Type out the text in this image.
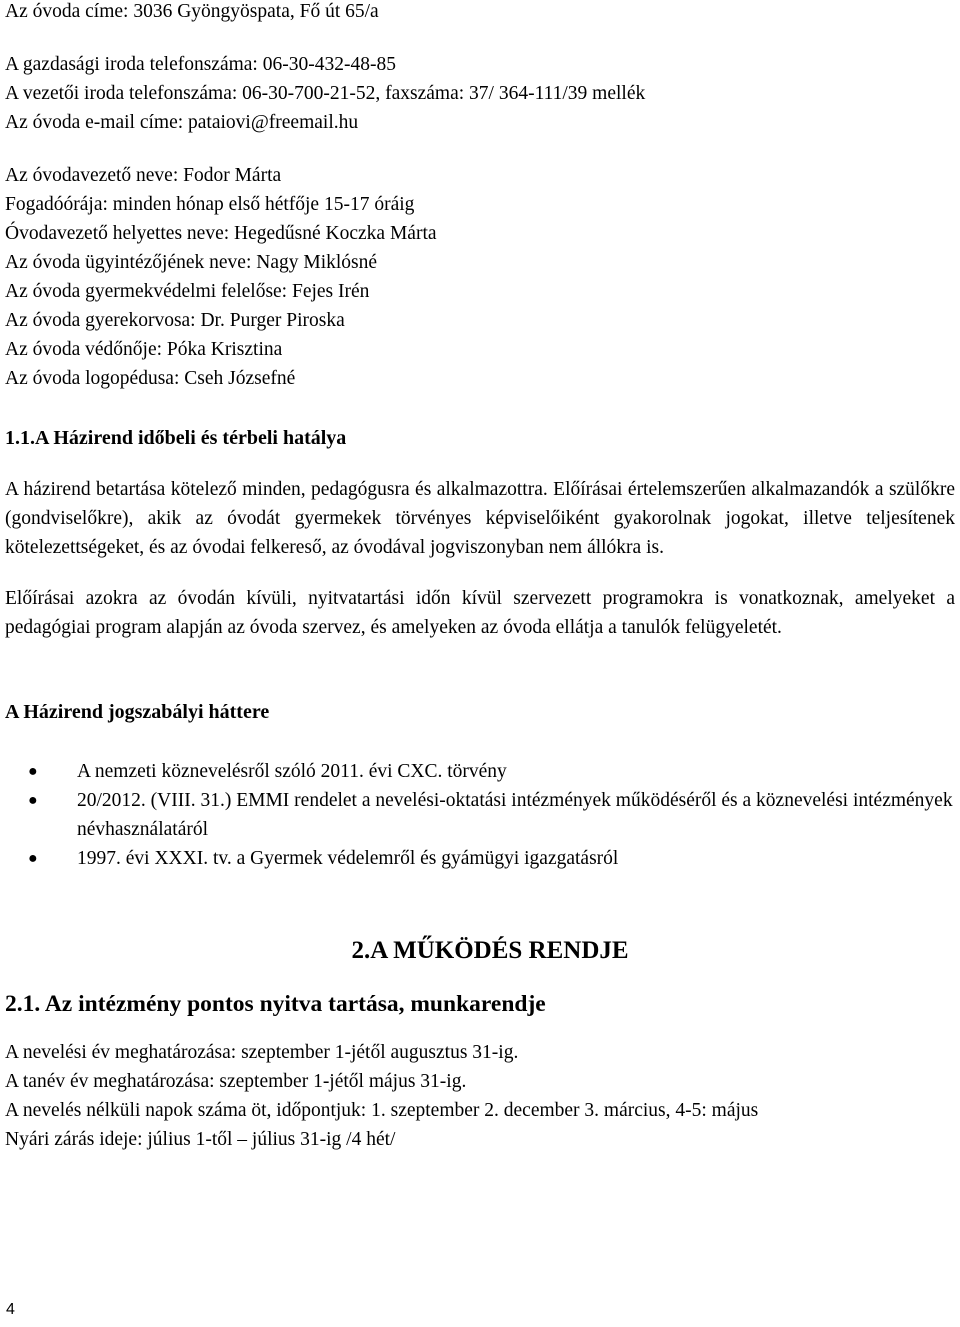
Az óvoda címe: 3036 Gyöngyöspata, Fő út 65/a

A gazdasági iroda telefonszáma: 06-30-432-48-85

A vezetői iroda telefonszáma: 06-30-700-21-52, faxszáma: 37/ 364-111/39 mellék

Az óvoda e-mail címe: pataiovi@freemail.hu

Az óvodavezető neve: Fodor Márta

Fogadóórája: minden hónap első hétfője 15-17 óráig

Óvodavezető helyettes neve: Hegedűsné Koczka Márta

Az óvoda ügyintézőjének neve: Nagy Miklósné

Az óvoda gyermekvédelmi felelőse: Fejes Irén

Az óvoda gyerekorvosa: Dr. Purger Piroska

Az óvoda védőnője: Póka Krisztina

Az óvoda logopédusa: Cseh Józsefné

1.1.A Házirend időbeli és térbeli hatálya

A házirend betartása kötelező minden, pedagógusra és alkalmazottra. Előírásai értelemszerűen alkalmazandók a szülőkre (gondviselőkre), akik az óvodát gyermekek törvényes képviselőiként gyakorolnak jogokat, illetve teljesítenek kötelezettségeket, és az óvodai felkereső, az óvodával jogviszonyban nem állókra is.

Előírásai azokra az óvodán kívüli, nyitvatartási időn kívül szervezett programokra is vonatkoznak, amelyeket a pedagógiai program alapján az óvoda szervez, és amelyeken az óvoda ellátja a tanulók felügyeletét.

A Házirend jogszabályi háttere

● A nemzeti köznevelésről szóló 2011. évi CXC. törvény
● 20/2012. (VIII. 31.) EMMI rendelet a nevelési-oktatási intézmények működéséről és a köznevelési intézmények névhasználatáról
● 1997. évi XXXI. tv. a Gyermek védelemről és gyámügyi igazgatásról

2.A MŰKÖDÉS RENDJE

2.1. Az intézmény pontos nyitva tartása, munkarendje

A nevelési év meghatározása: szeptember 1-jétől augusztus 31-ig.

A tanév év meghatározása: szeptember 1-jétől május 31-ig.

A nevelés nélküli napok száma öt, időpontjuk: 1. szeptember 2. december 3. március, 4-5: május

Nyári zárás ideje: július 1-től – július 31-ig /4 hét/

4
